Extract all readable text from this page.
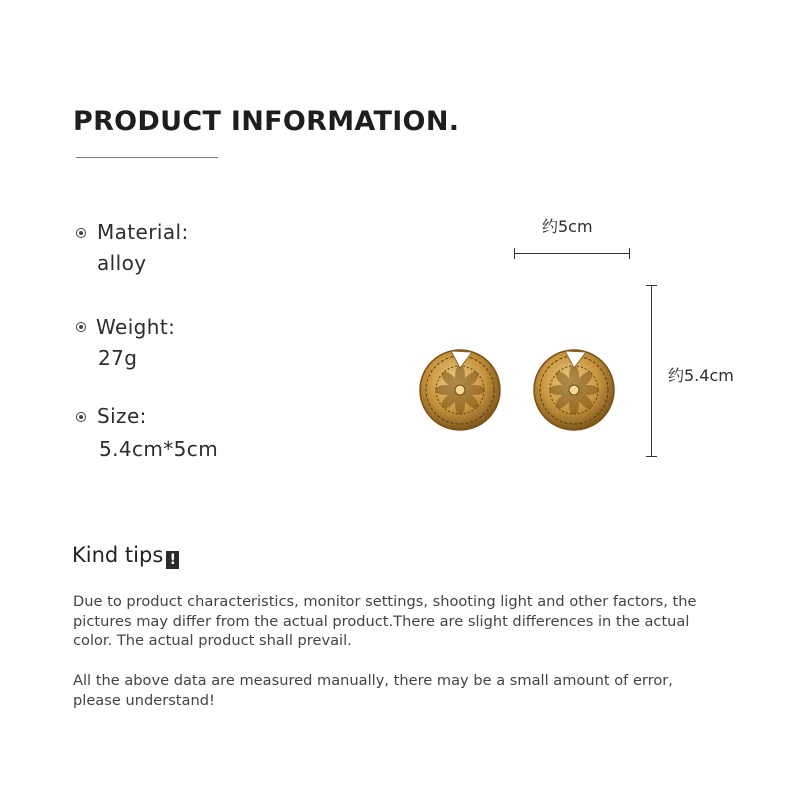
PRODUCT INFORMATION.
Material:
alloy
Weight:
27g
Size:
5.4cm*5cm
约5cm
约5.4cm
Kind tips !

Due to product characteristics, monitor settings, shooting light and other factors, the pictures may differ from the actual product.There are slight differences in the actual color. The actual product shall prevail.

All the above data are measured manually, there may be a small amount of error, please understand!
